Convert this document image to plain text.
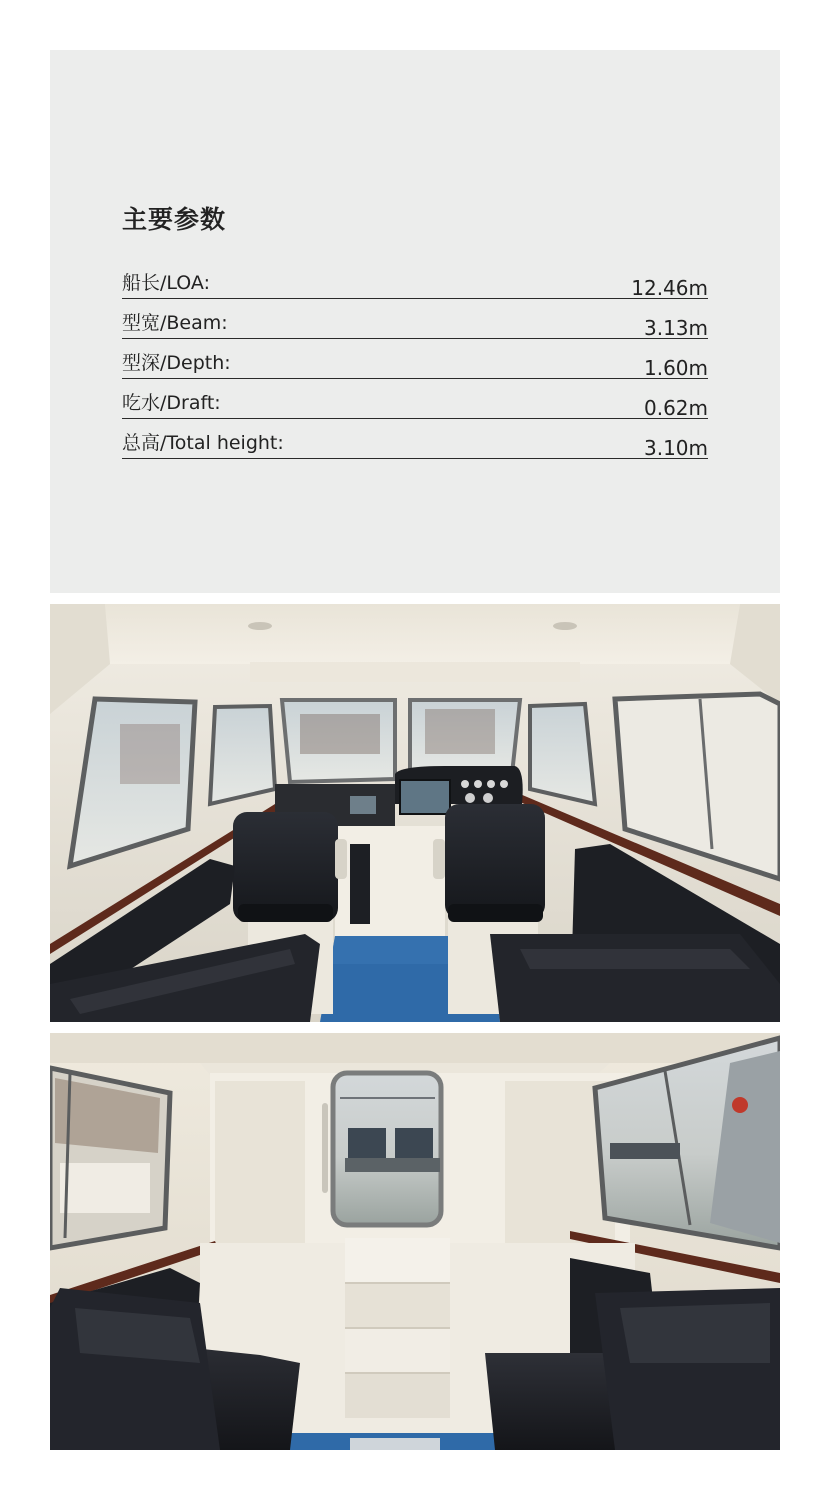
主要参数
船长/LOA:	12.46m
型宽/Beam:	3.13m
型深/Depth:	1.60m
吃水/Draft:	0.62m
总高/Total height:	3.10m
